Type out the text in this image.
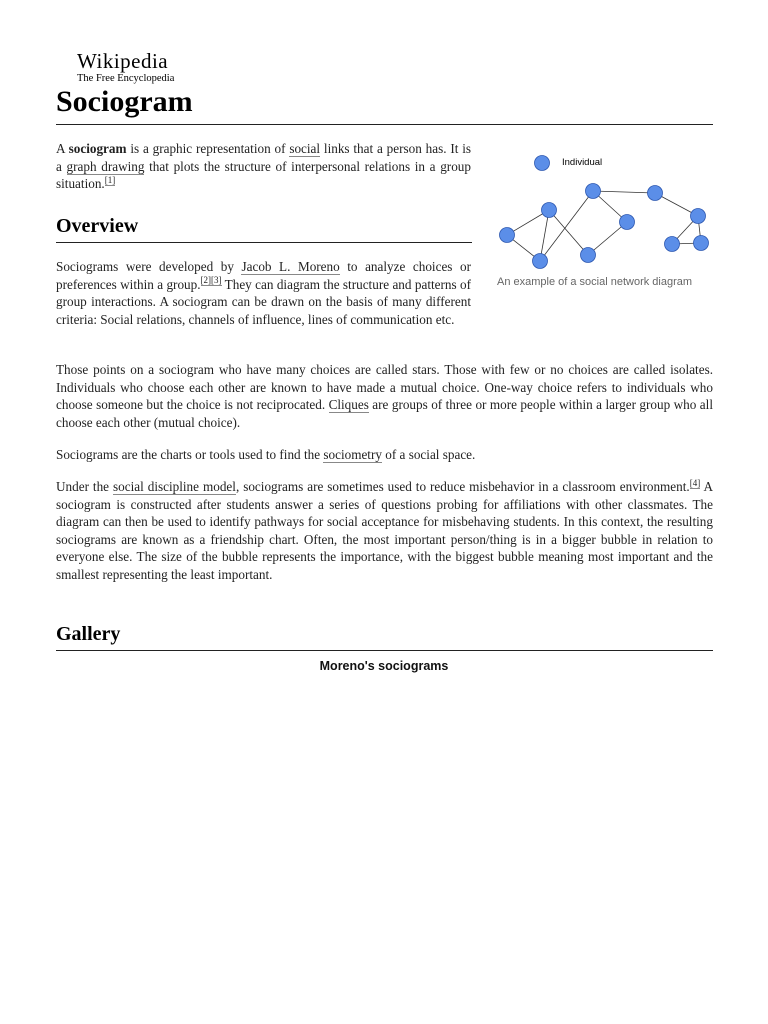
Wikipedia
The Free Encyclopedia
Sociogram

A sociogram is a graphic representation of social links that a person has. It is a graph drawing that plots the structure of interpersonal relations in a group situation.[1]

Individual
An example of a social network diagram
Overview

Sociograms were developed by Jacob L. Moreno to analyze choices or preferences within a group.[2][3] They can diagram the structure and patterns of group interactions. A sociogram can be drawn on the basis of many different criteria: Social relations, channels of influence, lines of communication etc.

Those points on a sociogram who have many choices are called stars. Those with few or no choices are called isolates. Individuals who choose each other are known to have made a mutual choice. One-way choice refers to individuals who choose someone but the choice is not reciprocated. Cliques are groups of three or more people within a larger group who all choose each other (mutual choice).

Sociograms are the charts or tools used to find the sociometry of a social space.

Under the social discipline model, sociograms are sometimes used to reduce misbehavior in a classroom environment.[4] A sociogram is constructed after students answer a series of questions probing for affiliations with other classmates. The diagram can then be used to identify pathways for social acceptance for misbehaving students. In this context, the resulting sociograms are known as a friendship chart. Often, the most important person/thing is in a bigger bubble in relation to everyone else. The size of the bubble represents the importance, with the biggest bubble meaning most important and the smallest representing the least important.

Gallery
Moreno's sociograms
